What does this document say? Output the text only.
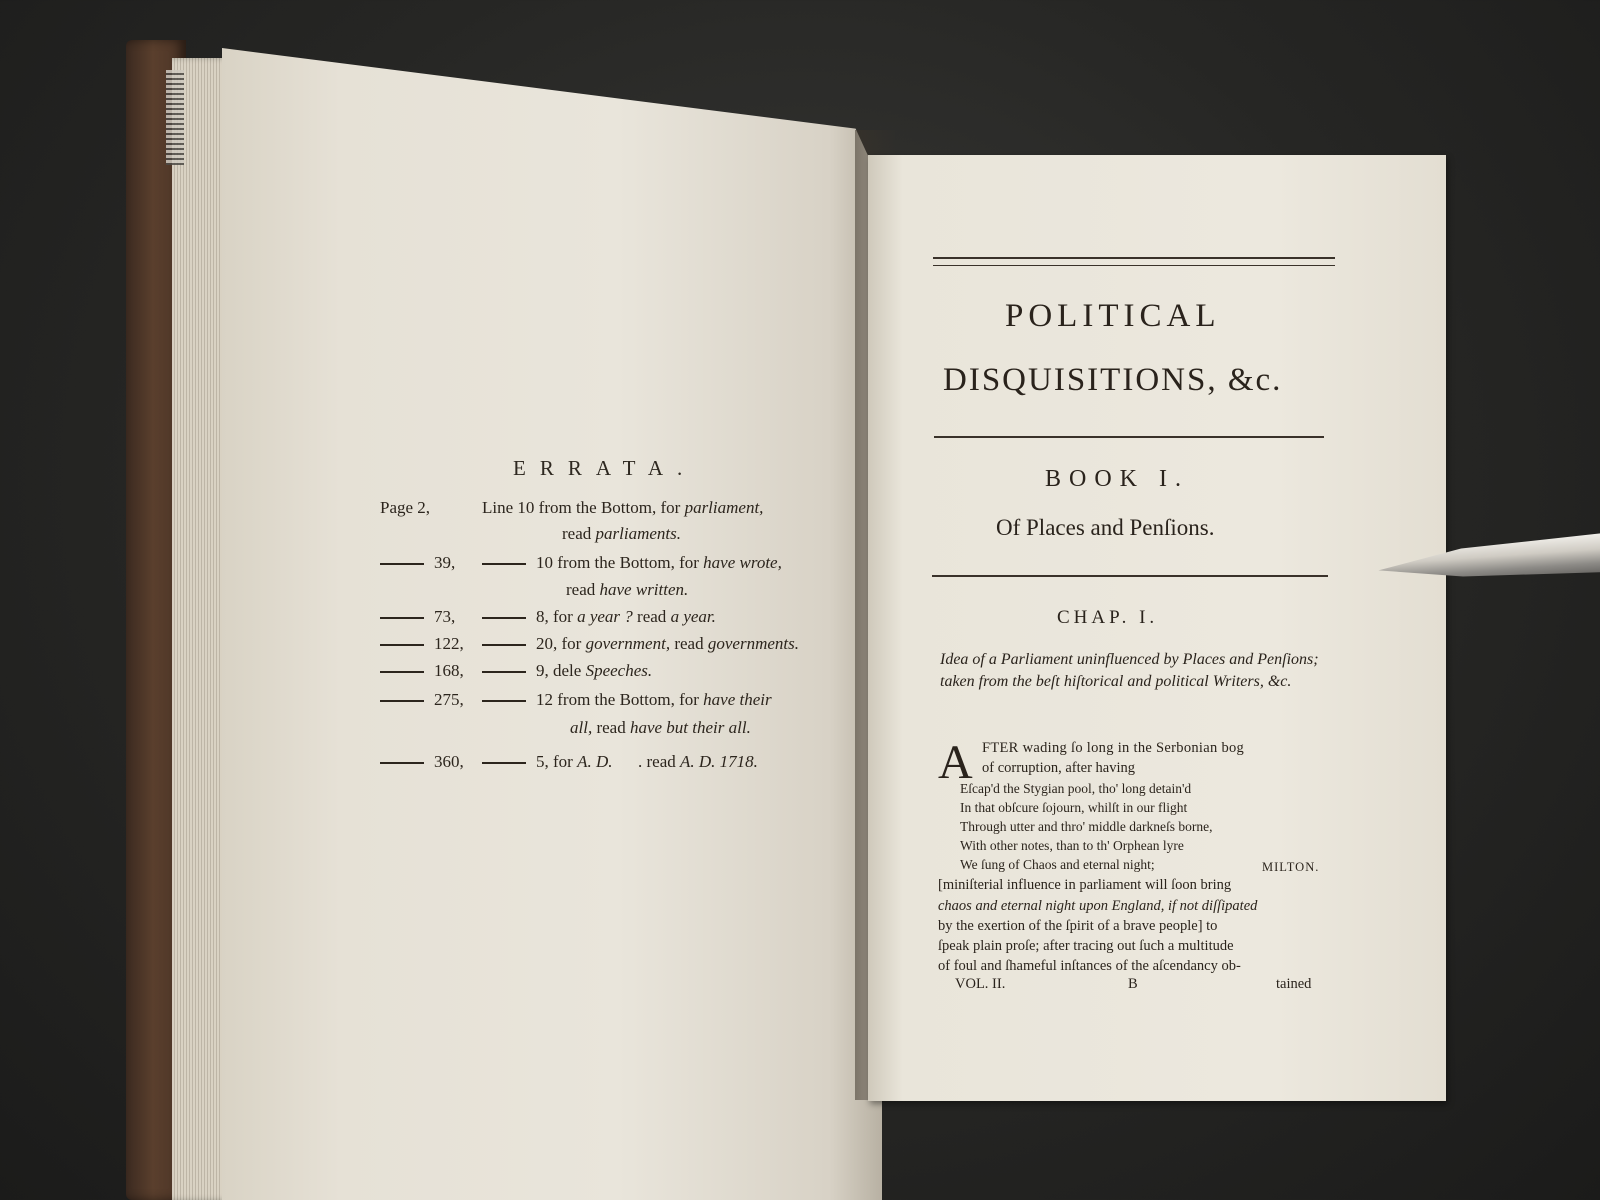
ERRATA.
Page 2,	Line 10 from the Bottom, for parliament,
read parliaments.
39,	10 from the Bottom, for have wrote,
read have written.
73,	8, for a year ? read a year.
122,	20, for government, read governments.
168,	9, dele Speeches.
275,	12 from the Bottom, for have their
all, read have but their all.
360,	5, for A. D.      . read A. D. 1718.
POLITICAL
DISQUISITIONS, &c.
BOOK I.
Of Places and Penſions.
CHAP. I.
Idea of a Parliament uninfluenced by Places and Penſions; taken from the beſt hiſtorical and political Writers, &c.
A FTER wading ſo long in the Serbonian bog
of corruption, after having
Eſcap'd the Stygian pool, tho' long detain'd
In that obſcure ſojourn, whilſt in our flight
Through utter and thro' middle darkneſs borne,
With other notes, than to th' Orphean lyre
We ſung of Chaos and eternal night;	MILTON.
[miniſterial influence in parliament will ſoon bring
chaos and eternal night upon England, if not diſſipated
by the exertion of the ſpirit of a brave people] to
ſpeak plain proſe; after tracing out ſuch a multitude
of foul and ſhameful inſtances of the aſcendancy ob-
VOL. II.	B	tained
